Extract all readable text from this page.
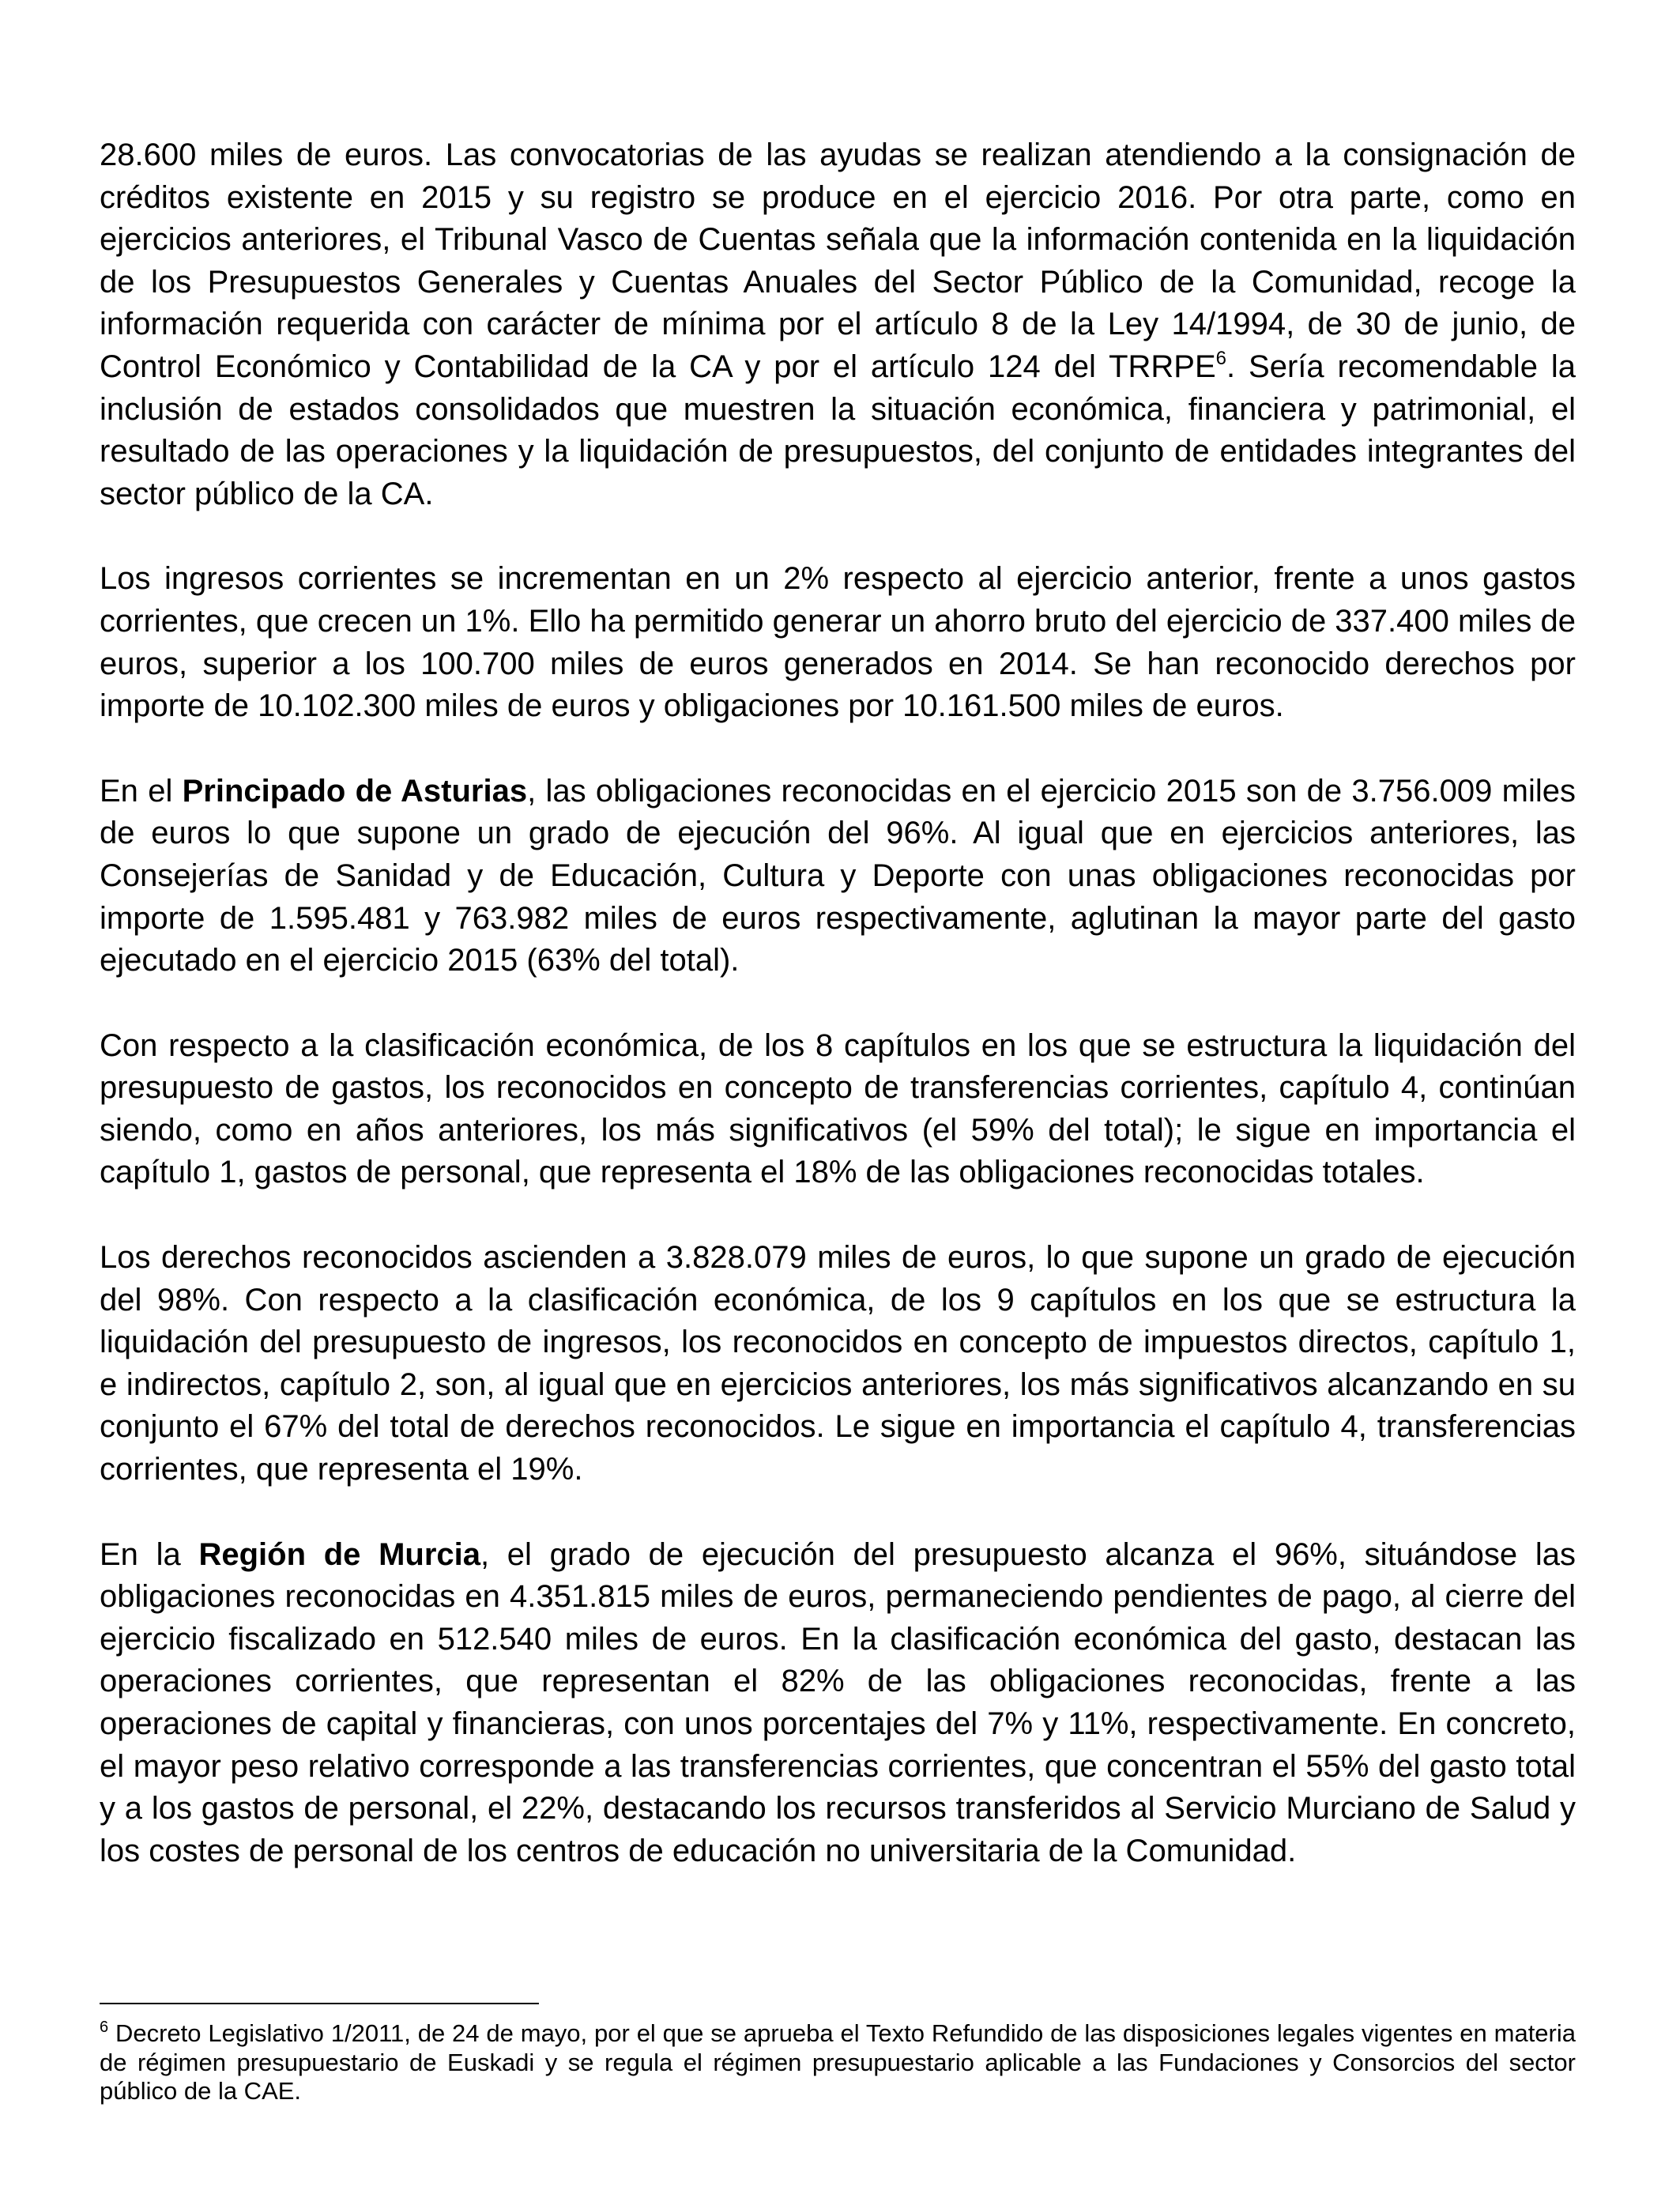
28.600 miles de euros. Las convocatorias de las ayudas se realizan atendiendo a la consignación de créditos existente en 2015 y su registro se produce en el ejercicio 2016. Por otra parte, como en ejercicios anteriores, el Tribunal Vasco de Cuentas señala que la información contenida en la liquidación de los Presupuestos Generales y Cuentas Anuales del Sector Público de la Comunidad, recoge la información requerida con carácter de mínima por el artículo 8 de la Ley 14/1994, de 30 de junio, de Control Económico y Contabilidad de la CA y por el artículo 124 del TRRPE$^6$. Sería recomendable la inclusión de estados consolidados que muestren la situación económica, financiera y patrimonial, el resultado de las operaciones y la liquidación de presupuestos, del conjunto de entidades integrantes del sector público de la CA.

Los ingresos corrientes se incrementan en un 2% respecto al ejercicio anterior, frente a unos gastos corrientes, que crecen un 1%. Ello ha permitido generar un ahorro bruto del ejercicio de 337.400 miles de euros, superior a los 100.700 miles de euros generados en 2014. Se han reconocido derechos por importe de 10.102.300 miles de euros y obligaciones por 10.161.500 miles de euros.

En el Principado de Asturias, las obligaciones reconocidas en el ejercicio 2015 son de 3.756.009 miles de euros lo que supone un grado de ejecución del 96%. Al igual que en ejercicios anteriores, las Consejerías de Sanidad y de Educación, Cultura y Deporte con unas obligaciones reconocidas por importe de 1.595.481 y 763.982 miles de euros respectivamente, aglutinan la mayor parte del gasto ejecutado en el ejercicio 2015 (63% del total).

Con respecto a la clasificación económica, de los 8 capítulos en los que se estructura la liquidación del presupuesto de gastos, los reconocidos en concepto de transferencias corrientes, capítulo 4, continúan siendo, como en años anteriores, los más significativos (el 59% del total); le sigue en importancia el capítulo 1, gastos de personal, que representa el 18% de las obligaciones reconocidas totales.

Los derechos reconocidos ascienden a 3.828.079 miles de euros, lo que supone un grado de ejecución del 98%. Con respecto a la clasificación económica, de los 9 capítulos en los que se estructura la liquidación del presupuesto de ingresos, los reconocidos en concepto de impuestos directos, capítulo 1, e indirectos, capítulo 2, son, al igual que en ejercicios anteriores, los más significativos alcanzando en su conjunto el 67% del total de derechos reconocidos. Le sigue en importancia el capítulo 4, transferencias corrientes, que representa el 19%.

En la Región de Murcia, el grado de ejecución del presupuesto alcanza el 96%, situándose las obligaciones reconocidas en 4.351.815 miles de euros, permaneciendo pendientes de pago, al cierre del ejercicio fiscalizado en 512.540 miles de euros. En la clasificación económica del gasto, destacan las operaciones corrientes, que representan el 82% de las obligaciones reconocidas, frente a las operaciones de capital y financieras, con unos porcentajes del 7% y 11%, respectivamente. En concreto, el mayor peso relativo corresponde a las transferencias corrientes, que concentran el 55% del gasto total y a los gastos de personal, el 22%, destacando los recursos transferidos al Servicio Murciano de Salud y los costes de personal de los centros de educación no universitaria de la Comunidad.

$^6$ Decreto Legislativo 1/2011, de 24 de mayo, por el que se aprueba el Texto Refundido de las disposiciones legales vigentes en materia de régimen presupuestario de Euskadi y se regula el régimen presupuestario aplicable a las Fundaciones y Consorcios del sector público de la CAE.
